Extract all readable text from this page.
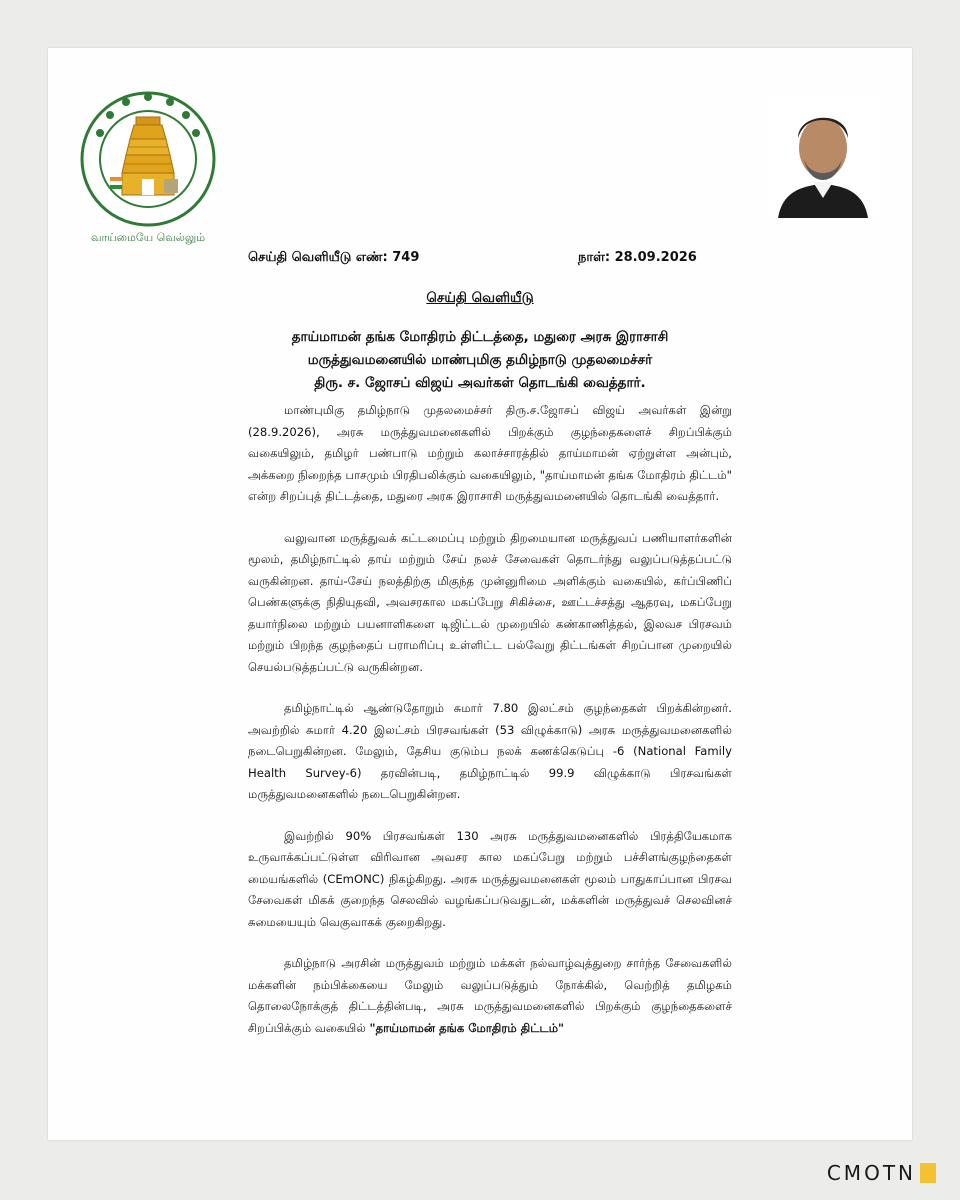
வாய்மையே வெல்லும்
செய்தி வெளியீடு எண்: 749	நாள்: 28.09.2026
செய்தி வெளியீடு
தாய்மாமன் தங்க மோதிரம் திட்டத்தை, மதுரை அரசு இராசாசி
மருத்துவமனையில் மாண்புமிகு தமிழ்நாடு முதலமைச்சர்
திரு. ச. ஜோசப் விஜய் அவர்கள் தொடங்கி வைத்தார்.

மாண்புமிகு தமிழ்நாடு முதலமைச்சர் திரு.ச.ஜோசப் விஜய் அவர்கள் இன்று (28.9.2026), அரசு மருத்துவமனைகளில் பிறக்கும் குழந்தைகளைச் சிறப்பிக்கும் வகையிலும், தமிழர் பண்பாடு மற்றும் கலாச்சாரத்தில் தாய்மாமன் ஏற்றுள்ள அன்பும், அக்கறை நிறைந்த பாசமும் பிரதிபலிக்கும் வகையிலும், "தாய்மாமன் தங்க மோதிரம் திட்டம்" என்ற சிறப்புத் திட்டத்தை, மதுரை அரசு இராசாசி மருத்துவமனையில் தொடங்கி வைத்தார்.

வலுவான மருத்துவக் கட்டமைப்பு மற்றும் திறமையான மருத்துவப் பணியாளர்களின் மூலம், தமிழ்நாட்டில் தாய் மற்றும் சேய் நலச் சேவைகள் தொடர்ந்து வலுப்படுத்தப்பட்டு வருகின்றன. தாய்-சேய் நலத்திற்கு மிகுந்த முன்னுரிமை அளிக்கும் வகையில், கர்ப்பிணிப் பெண்களுக்கு நிதியுதவி, அவசரகால மகப்பேறு சிகிச்சை, ஊட்டச்சத்து ஆதரவு, மகப்பேறு தயார்நிலை மற்றும் பயனாளிகளை டிஜிட்டல் முறையில் கண்காணித்தல், இலவச பிரசவம் மற்றும் பிறந்த குழந்தைப் பராமரிப்பு உள்ளிட்ட பல்வேறு திட்டங்கள் சிறப்பான முறையில் செயல்படுத்தப்பட்டு வருகின்றன.

தமிழ்நாட்டில் ஆண்டுதோறும் சுமார் 7.80 இலட்சம் குழந்தைகள் பிறக்கின்றனர். அவற்றில் சுமார் 4.20 இலட்சம் பிரசவங்கள் (53 விழுக்காடு) அரசு மருத்துவமனைகளில் நடைபெறுகின்றன. மேலும், தேசிய குடும்ப நலக் கணக்கெடுப்பு -6 (National Family Health Survey-6) தரவின்படி, தமிழ்நாட்டில் 99.9 விழுக்காடு பிரசவங்கள் மருத்துவமனைகளில் நடைபெறுகின்றன.

இவற்றில் 90% பிரசவங்கள் 130 அரசு மருத்துவமனைகளில் பிரத்தியேகமாக உருவாக்கப்பட்டுள்ள விரிவான அவசர கால மகப்பேறு மற்றும் பச்சிளங்குழந்தைகள் மையங்களில் (CEmONC) நிகழ்கிறது. அரசு மருத்துவமனைகள் மூலம் பாதுகாப்பான பிரசவ சேவைகள் மிகக் குறைந்த செலவில் வழங்கப்படுவதுடன், மக்களின் மருத்துவச் செலவினச் சுமையையும் வெகுவாகக் குறைகிறது.

தமிழ்நாடு அரசின் மருத்துவம் மற்றும் மக்கள் நல்வாழ்வுத்துறை சார்ந்த சேவைகளில் மக்களின் நம்பிக்கையை மேலும் வலுப்படுத்தும் நோக்கில், வெற்றித் தமிழகம் தொலைநோக்குத் திட்டத்தின்படி, அரசு மருத்துவமனைகளில் பிறக்கும் குழந்தைகளைச் சிறப்பிக்கும் வகையில் "தாய்மாமன் தங்க மோதிரம் திட்டம்"

CMO TN
